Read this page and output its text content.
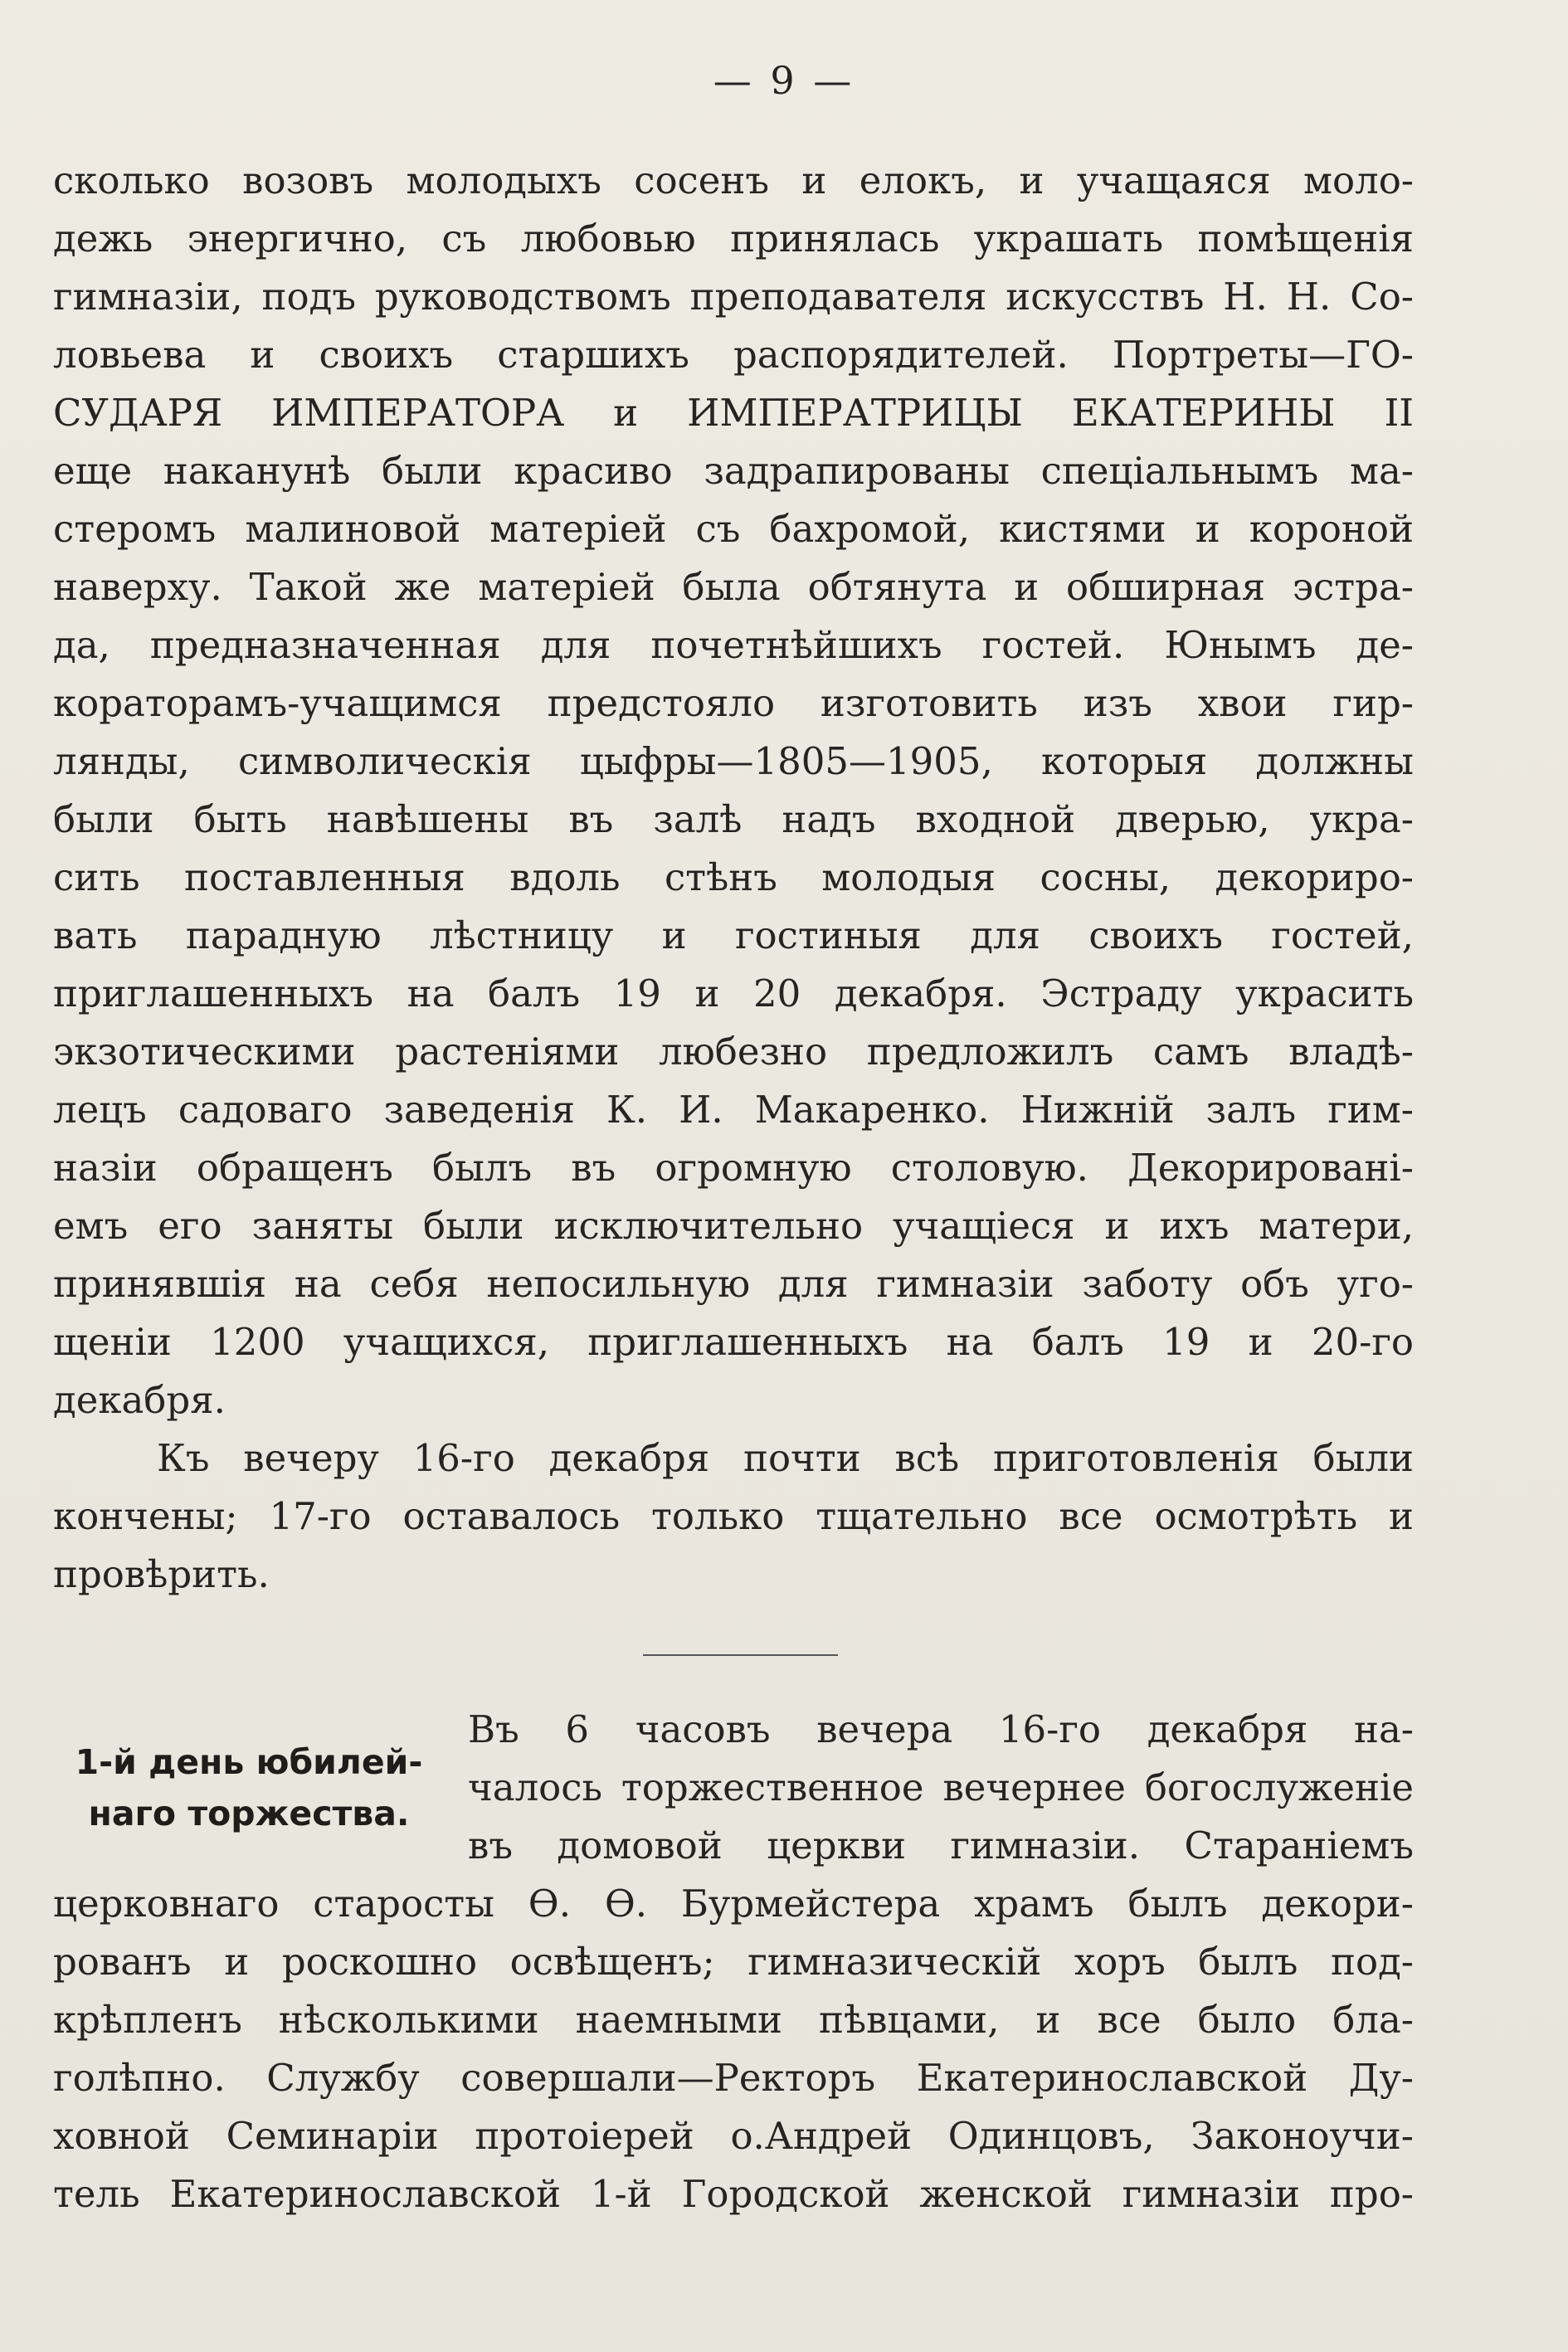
— 9 —
сколько возовъ молодыхъ сосенъ и елокъ, и учащаяся моло-
дежь энергично, съ любовью принялась украшать помѣщенія
гимназіи, подъ руководствомъ преподавателя искусствъ Н. Н. Со-
ловьева и своихъ старшихъ распорядителей. Портреты—ГО-
СУДАРЯ ИМПЕРАТОРА и ИМПЕРАТРИЦЫ ЕКАТЕРИНЫ II
еще наканунѣ были красиво задрапированы спеціальнымъ ма-
стеромъ малиновой матеріей съ бахромой, кистями и короной
наверху. Такой же матеріей была обтянута и обширная эстра-
да, предназначенная для почетнѣйшихъ гостей. Юнымъ де-
кораторамъ-учащимся предстояло изготовить изъ хвои гир-
лянды, символическія цыфры—1805—1905, которыя должны
были быть навѣшены въ залѣ надъ входной дверью, укра-
сить поставленныя вдоль стѣнъ молодыя сосны, декориро-
вать парадную лѣстницу и гостиныя для своихъ гостей,
приглашенныхъ на балъ 19 и 20 декабря. Эстраду украсить
экзотическими растеніями любезно предложилъ самъ владѣ-
лецъ садоваго заведенія К. И. Макаренко. Нижній залъ гим-
назіи обращенъ былъ въ огромную столовую. Декорировані-
емъ его заняты были исключительно учащіеся и ихъ матери,
принявшія на себя непосильную для гимназіи заботу объ уго-
щеніи 1200 учащихся, приглашенныхъ на балъ 19 и 20-го
декабря.
Къ вечеру 16-го декабря почти всѣ приготовленія были
кончены; 17-го оставалось только тщательно все осмотрѣть и
провѣрить.
1-й день юбилей-
наго торжества.
Въ 6 часовъ вечера 16-го декабря на-
чалось торжественное вечернее богослуженіе
въ домовой церкви гимназіи. Стараніемъ
церковнаго старосты Ѳ. Ѳ. Бурмейстера храмъ былъ декори-
рованъ и роскошно освѣщенъ; гимназическій хоръ былъ под-
крѣпленъ нѣсколькими наемными пѣвцами, и все было бла-
голѣпно. Службу совершали—Ректоръ Екатеринославской Ду-
ховной Семинаріи протоіерей о.Андрей Одинцовъ, Законоучи-
тель Екатеринославской 1-й Городской женской гимназіи про-
